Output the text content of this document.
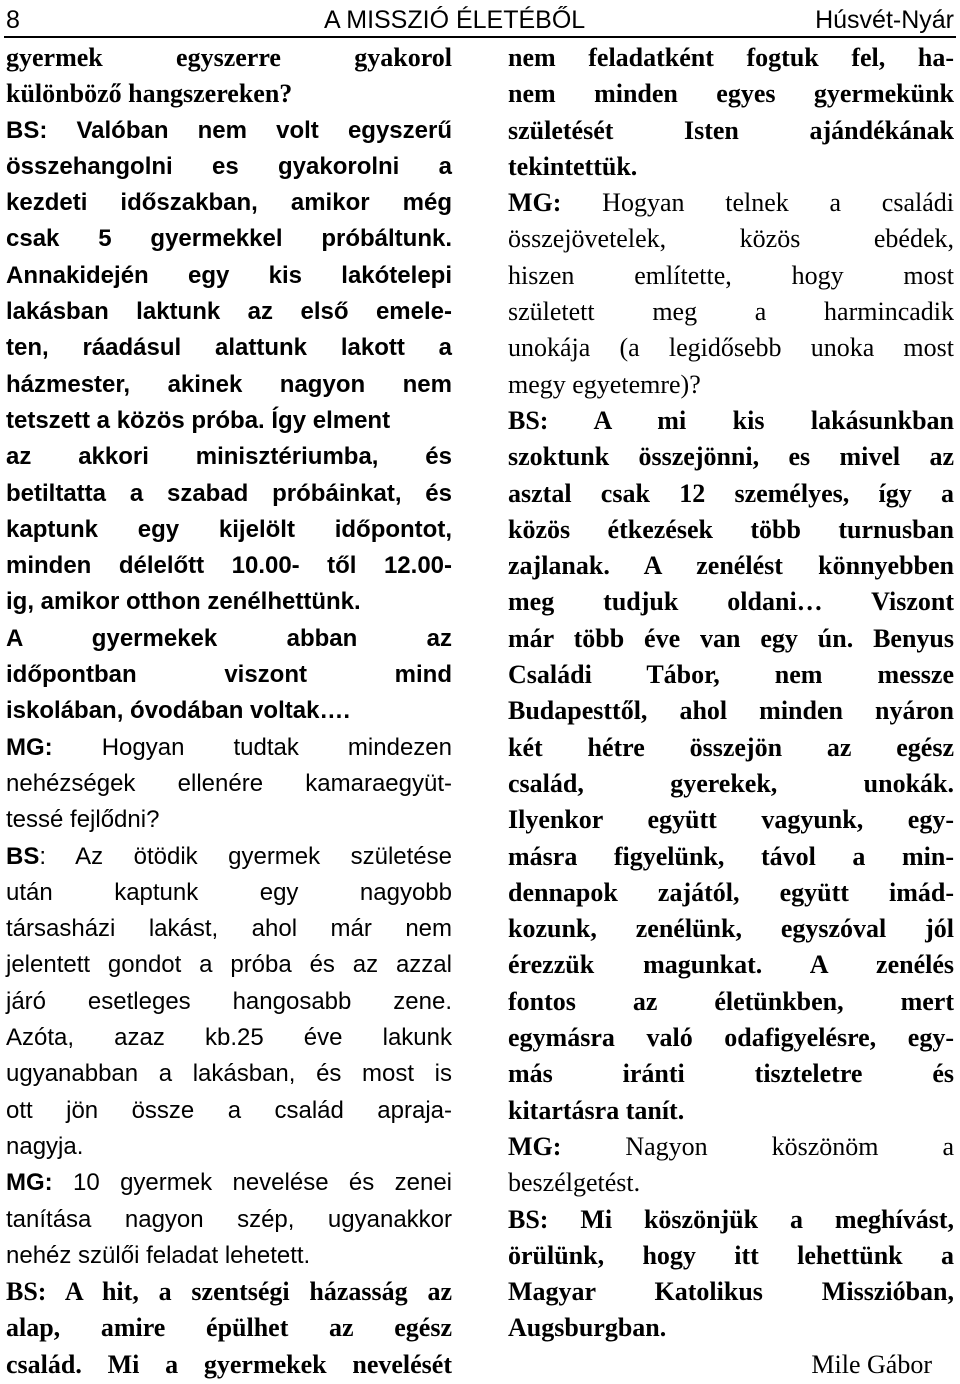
8	A MISSZIÓ ÉLETÉBŐL	Húsvét-Nyár
gyermek egyszerre gyakorol
különböző hangszereken?
BS: Valóban nem volt egyszerű
összehangolni es gyakorolni a
kezdeti időszakban, amikor még
csak 5 gyermekkel próbáltunk.
Annakidején egy kis lakótelepi
lakásban laktunk az első emele-
ten, ráadásul alattunk lakott a
házmester, akinek nagyon nem
tetszett a közös próba. Így elment
az akkori minisztériumba, és
betiltatta a szabad próbáinkat, és
kaptunk egy kijelölt időpontot,
minden délelőtt 10.00- től 12.00-
ig, amikor otthon zenélhettünk.
A gyermekek abban az
időpontban viszont mind
iskolában, óvodában voltak….
MG: Hogyan tudtak mindezen
nehézségek ellenére kamaraegyüt-
tessé fejlődni?
BS: Az ötödik gyermek születése
után kaptunk egy nagyobb
társasházi lakást, ahol már nem
jelentett gondot a próba és az azzal
járó esetleges hangosabb zene.
Azóta, azaz kb.25 éve lakunk
ugyanabban a lakásban, és most is
ott jön össze a család apraja-
nagyja.
MG: 10 gyermek nevelése és zenei
tanítása nagyon szép, ugyanakkor
nehéz szülői feladat lehetett.
BS: A hit, a szentségi házasság az
alap, amire épülhet az egész
család. Mi a gyermekek nevelését
nem feladatként fogtuk fel, ha-
nem minden egyes gyermekünk
születését Isten ajándékának
tekintettük.
MG: Hogyan telnek a családi
összejövetelek, közös ebédek,
hiszen említette, hogy most
született meg a harmincadik
unokája (a legidősebb unoka most
megy egyetemre)?
BS: A mi kis lakásunkban
szoktunk összejönni, es mivel az
asztal csak 12 személyes, így a
közös étkezések több turnusban
zajlanak. A zenélést könnyebben
meg tudjuk oldani… Viszont
már több éve van egy ún. Benyus
Családi Tábor, nem messze
Budapesttől, ahol minden nyáron
két hétre összejön az egész
család, gyerekek, unokák.
Ilyenkor együtt vagyunk, egy-
másra figyelünk, távol a min-
dennapok zajától, együtt imád-
kozunk, zenélünk, egyszóval jól
érezzük magunkat. A zenélés
fontos az életünkben, mert
egymásra való odafigyelésre, egy-
más iránti tiszteletre és
kitartásra tanít.
MG: Nagyon köszönöm a
beszélgetést.
BS: Mi köszönjük a meghívást,
örülünk, hogy itt lehettünk a
Magyar Katolikus Misszióban,
Augsburgban.
Mile Gábor
